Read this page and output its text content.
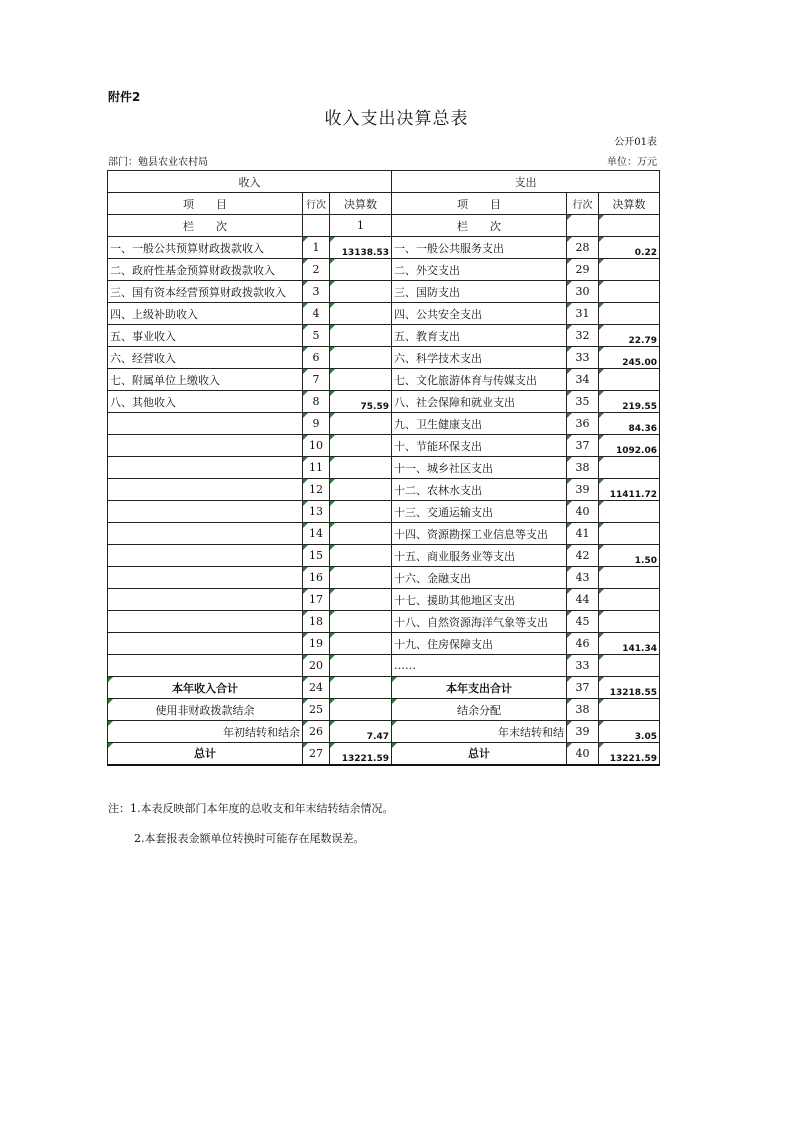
附件2
收入支出决算总表
公开01表
部门：勉县农业农村局	单位：万元
收入			支出		
项　　目	行次	决算数	项　　目	行次	决算数
栏　　次		1	栏　　次		
一、一般公共预算财政拨款收入	1	13138.53	一、一般公共服务支出	28	0.22
二、政府性基金预算财政拨款收入	2		二、外交支出	29	
三、国有资本经营预算财政拨款收入	3		三、国防支出	30	
四、上级补助收入	4		四、公共安全支出	31	
五、事业收入	5		五、教育支出	32	22.79
六、经营收入	6		六、科学技术支出	33	245.00
七、附属单位上缴收入	7		七、文化旅游体育与传媒支出	34	
八、其他收入	8	75.59	八、社会保障和就业支出	35	219.55
	9		九、卫生健康支出	36	84.36
	10		十、节能环保支出	37	1092.06
	11		十一、城乡社区支出	38	
	12		十二、农林水支出	39	11411.72
	13		十三、交通运输支出	40	
	14		十四、资源勘探工业信息等支出	41	
	15		十五、商业服务业等支出	42	1.50
	16		十六、金融支出	43	
	17		十七、援助其他地区支出	44	
	18		十八、自然资源海洋气象等支出	45	
	19		十九、住房保障支出	46	141.34
	20		……	33	
本年收入合计	24		本年支出合计	37	13218.55
使用非财政拨款结余	25		结余分配	38	
年初结转和结余	26	7.47	年末结转和结	39	3.05
总计	27	13221.59	总计	40	13221.59
注：1.本表反映部门本年度的总收支和年末结转结余情况。
2.本套报表金额单位转换时可能存在尾数误差。
